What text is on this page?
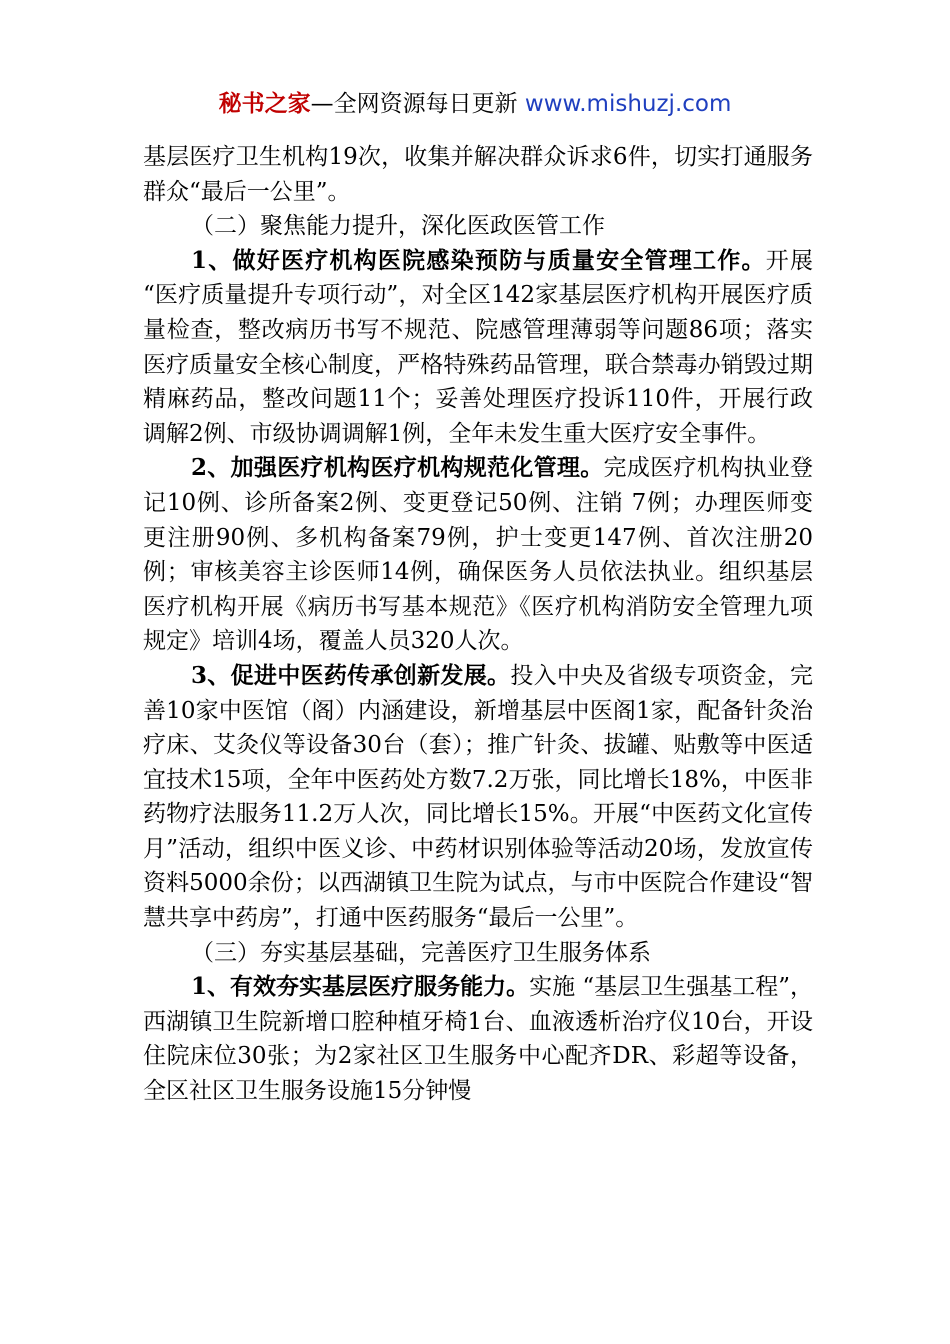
秘书之家—全网资源每日更新 www.mishuzj.com

基层医疗卫生机构19次，收集并解决群众诉求6件，切实打通服务群众“最后一公里”。

（二）聚焦能力提升，深化医政医管工作

1、做好医疗机构医院感染预防与质量安全管理工作。开展 “医疗质量提升专项行动”，对全区142家基层医疗机构开展医疗质量检查，整改病历书写不规范、院感管理薄弱等问题86项；落实医疗质量安全核心制度，严格特殊药品管理，联合禁毒办销毁过期精麻药品，整改问题11个；妥善处理医疗投诉110件，开展行政调解2例、市级协调调解1例，全年未发生重大医疗安全事件。

2、加强医疗机构医疗机构规范化管理。完成医疗机构执业登记10例、诊所备案2例、变更登记50例、注销 7例；办理医师变更注册90例、多机构备案79例，护士变更147例、首次注册20例；审核美容主诊医师14例，确保医务人员依法执业。组织基层医疗机构开展《病历书写基本规范》《医疗机构消防安全管理九项规定》培训4场，覆盖人员320人次。

3、促进中医药传承创新发展。投入中央及省级专项资金，完善10家中医馆（阁）内涵建设，新增基层中医阁1家，配备针灸治疗床、艾灸仪等设备30台（套）；推广针灸、拔罐、贴敷等中医适宜技术15项，全年中医药处方数7.2万张，同比增长18%，中医非药物疗法服务11.2万人次，同比增长15%。开展“中医药文化宣传月”活动，组织中医义诊、中药材识别体验等活动20场，发放宣传资料5000余份；以西湖镇卫生院为试点，与市中医院合作建设“智慧共享中药房”，打通中医药服务“最后一公里”。

（三）夯实基层基础，完善医疗卫生服务体系

1、有效夯实基层医疗服务能力。实施 “基层卫生强基工程”，西湖镇卫生院新增口腔种植牙椅1台、血液透析治疗仪10台，开设住院床位30张；为2家社区卫生服务中心配齐DR、彩超等设备，全区社区卫生服务设施15分钟慢
